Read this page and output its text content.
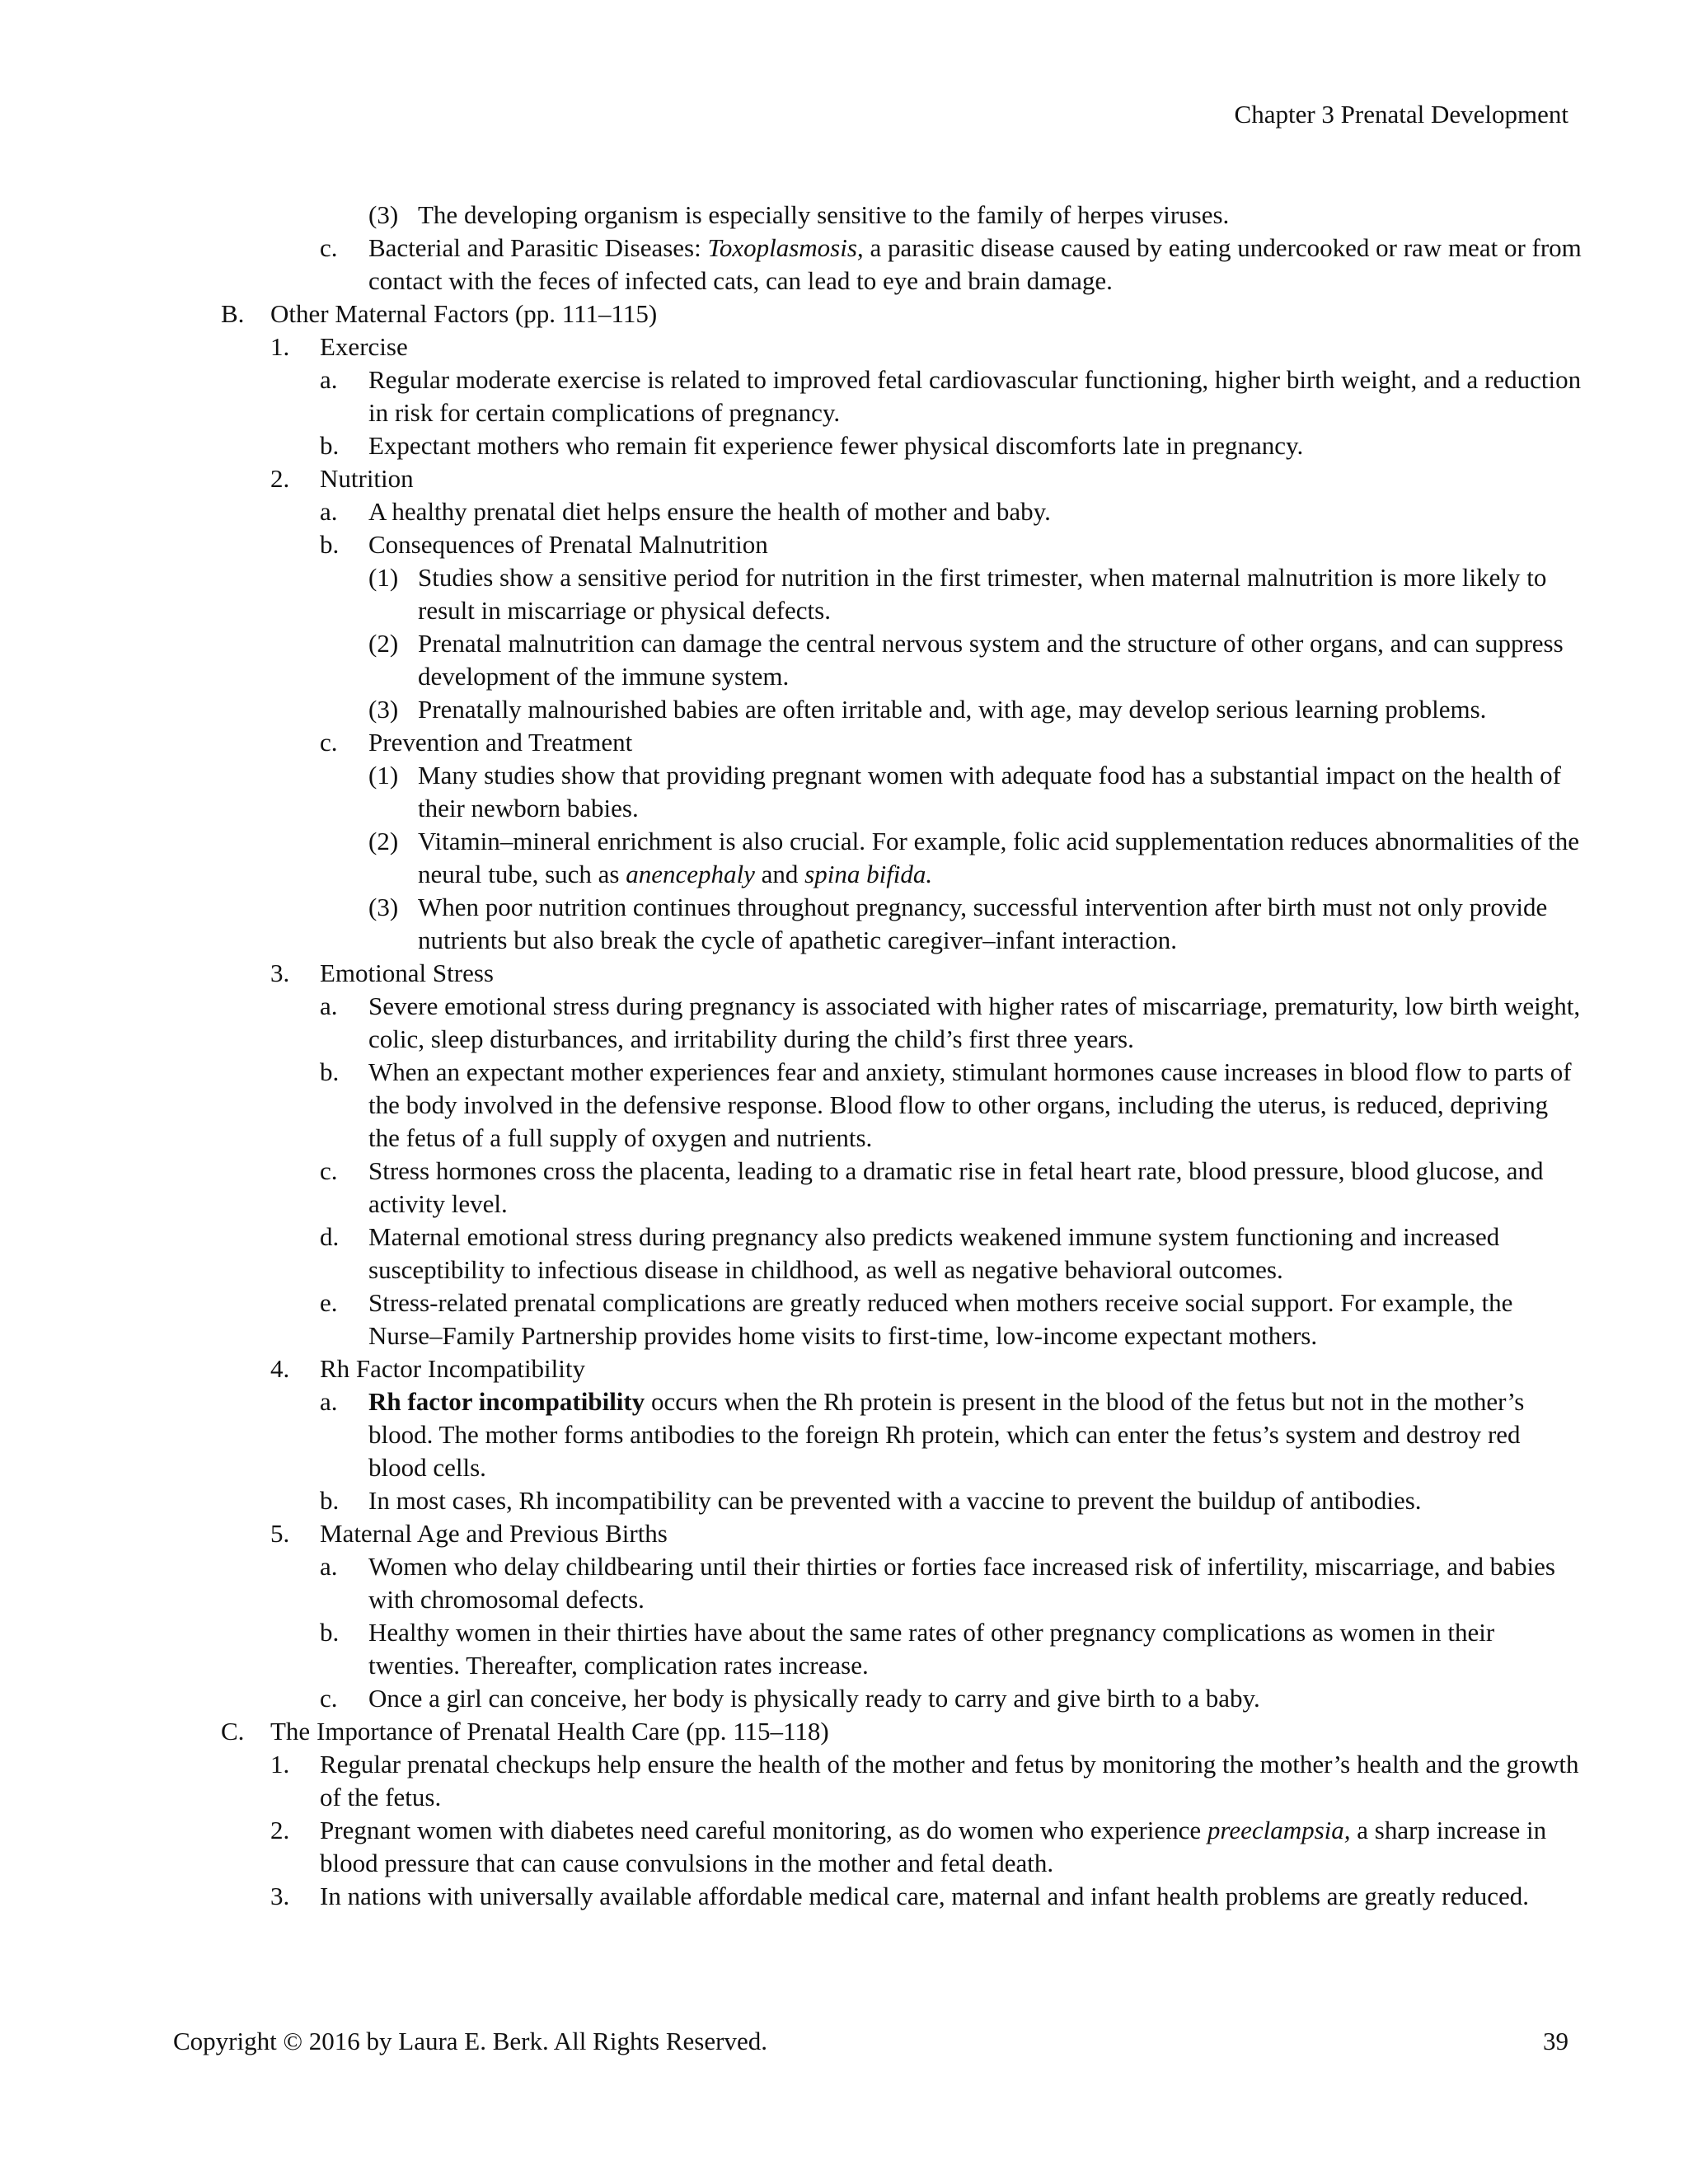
Chapter 3 Prenatal Development
(3) The developing organism is especially sensitive to the family of herpes viruses.
c. Bacterial and Parasitic Diseases: Toxoplasmosis, a parasitic disease caused by eating undercooked or raw meat or from contact with the feces of infected cats, can lead to eye and brain damage.
B. Other Maternal Factors (pp. 111–115)
1. Exercise
a. Regular moderate exercise is related to improved fetal cardiovascular functioning, higher birth weight, and a reduction in risk for certain complications of pregnancy.
b. Expectant mothers who remain fit experience fewer physical discomforts late in pregnancy.
2. Nutrition
a. A healthy prenatal diet helps ensure the health of mother and baby.
b. Consequences of Prenatal Malnutrition
(1) Studies show a sensitive period for nutrition in the first trimester, when maternal malnutrition is more likely to result in miscarriage or physical defects.
(2) Prenatal malnutrition can damage the central nervous system and the structure of other organs, and can suppress development of the immune system.
(3) Prenatally malnourished babies are often irritable and, with age, may develop serious learning problems.
c. Prevention and Treatment
(1) Many studies show that providing pregnant women with adequate food has a substantial impact on the health of their newborn babies.
(2) Vitamin–mineral enrichment is also crucial. For example, folic acid supplementation reduces abnormalities of the neural tube, such as anencephaly and spina bifida.
(3) When poor nutrition continues throughout pregnancy, successful intervention after birth must not only provide nutrients but also break the cycle of apathetic caregiver–infant interaction.
3. Emotional Stress
a. Severe emotional stress during pregnancy is associated with higher rates of miscarriage, prematurity, low birth weight, colic, sleep disturbances, and irritability during the child’s first three years.
b. When an expectant mother experiences fear and anxiety, stimulant hormones cause increases in blood flow to parts of the body involved in the defensive response. Blood flow to other organs, including the uterus, is reduced, depriving the fetus of a full supply of oxygen and nutrients.
c. Stress hormones cross the placenta, leading to a dramatic rise in fetal heart rate, blood pressure, blood glucose, and activity level.
d. Maternal emotional stress during pregnancy also predicts weakened immune system functioning and increased susceptibility to infectious disease in childhood, as well as negative behavioral outcomes.
e. Stress-related prenatal complications are greatly reduced when mothers receive social support. For example, the Nurse–Family Partnership provides home visits to first-time, low-income expectant mothers.
4. Rh Factor Incompatibility
a. Rh factor incompatibility occurs when the Rh protein is present in the blood of the fetus but not in the mother’s blood. The mother forms antibodies to the foreign Rh protein, which can enter the fetus’s system and destroy red blood cells.
b. In most cases, Rh incompatibility can be prevented with a vaccine to prevent the buildup of antibodies.
5. Maternal Age and Previous Births
a. Women who delay childbearing until their thirties or forties face increased risk of infertility, miscarriage, and babies with chromosomal defects.
b. Healthy women in their thirties have about the same rates of other pregnancy complications as women in their twenties. Thereafter, complication rates increase.
c. Once a girl can conceive, her body is physically ready to carry and give birth to a baby.
C. The Importance of Prenatal Health Care (pp. 115–118)
1. Regular prenatal checkups help ensure the health of the mother and fetus by monitoring the mother’s health and the growth of the fetus.
2. Pregnant women with diabetes need careful monitoring, as do women who experience preeclampsia, a sharp increase in blood pressure that can cause convulsions in the mother and fetal death.
3. In nations with universally available affordable medical care, maternal and infant health problems are greatly reduced.
Copyright © 2016 by Laura E. Berk. All Rights Reserved.	39
